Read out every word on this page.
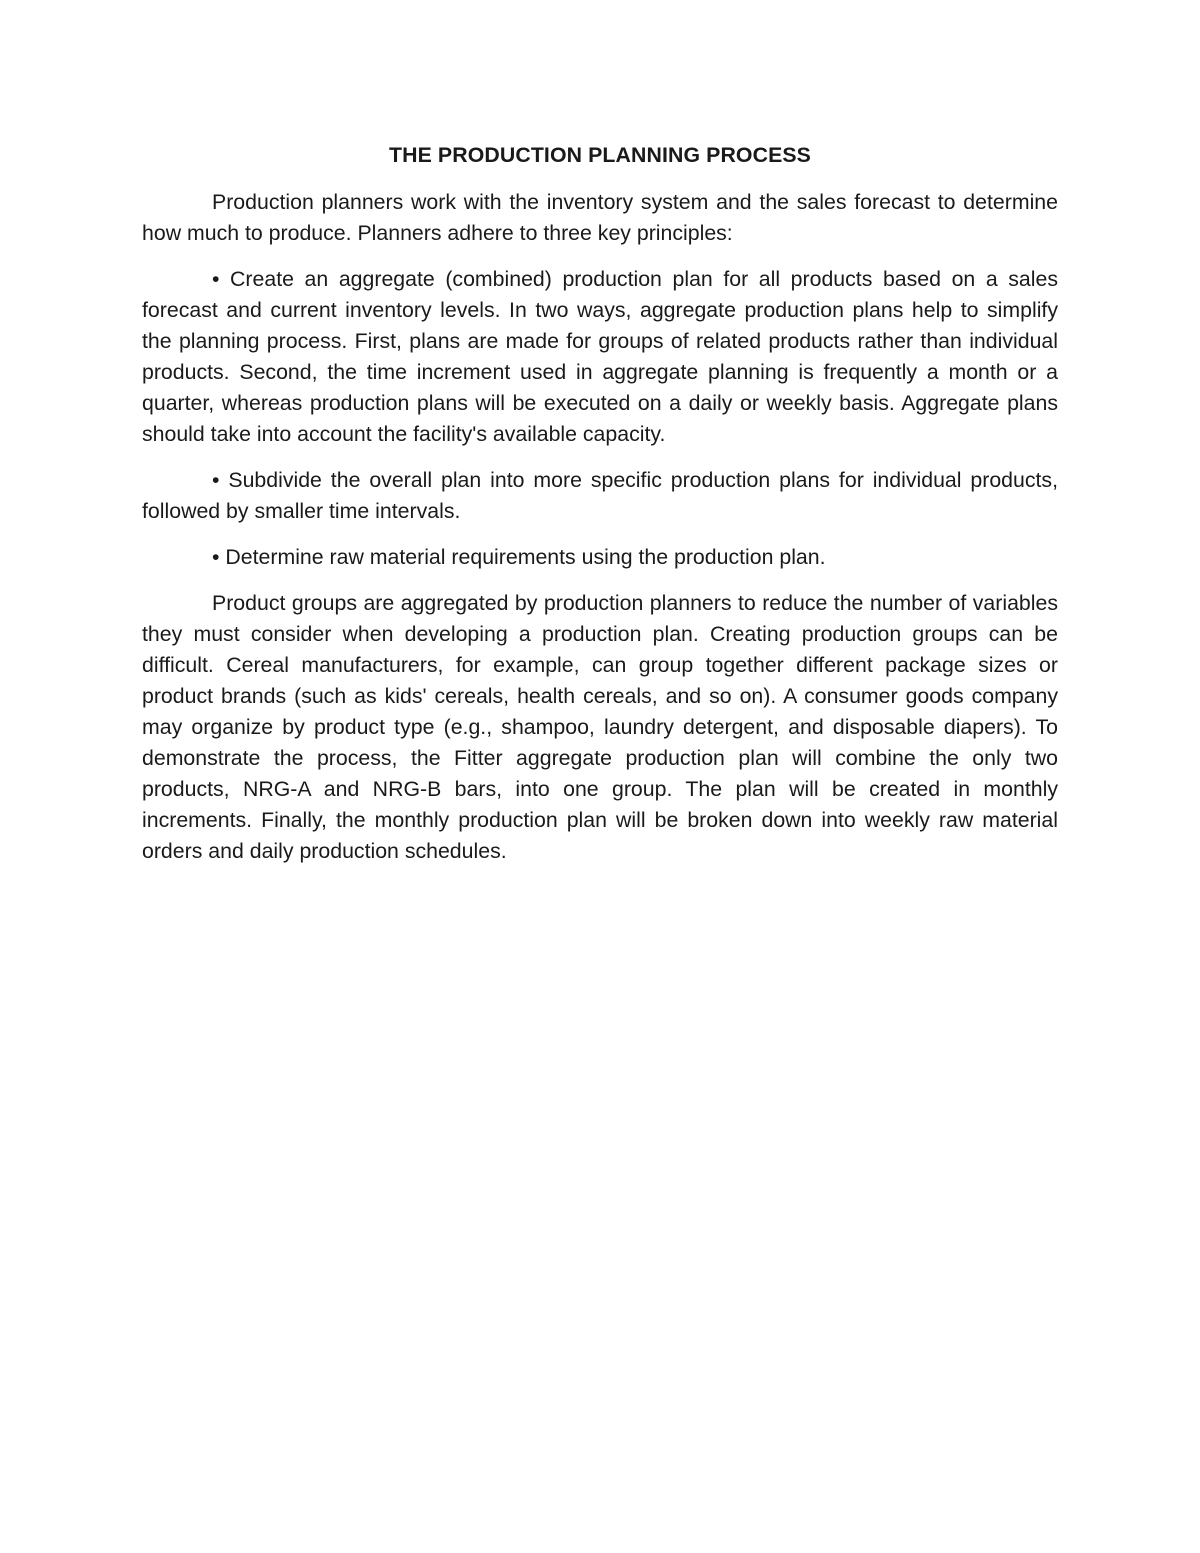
THE PRODUCTION PLANNING PROCESS

Production planners work with the inventory system and the sales forecast to determine how much to produce. Planners adhere to three key principles:

• Create an aggregate (combined) production plan for all products based on a sales forecast and current inventory levels. In two ways, aggregate production plans help to simplify the planning process. First, plans are made for groups of related products rather than individual products. Second, the time increment used in aggregate planning is frequently a month or a quarter, whereas production plans will be executed on a daily or weekly basis. Aggregate plans should take into account the facility's available capacity.

• Subdivide the overall plan into more specific production plans for individual products, followed by smaller time intervals.

• Determine raw material requirements using the production plan.

Product groups are aggregated by production planners to reduce the number of variables they must consider when developing a production plan. Creating production groups can be difficult. Cereal manufacturers, for example, can group together different package sizes or product brands (such as kids' cereals, health cereals, and so on). A consumer goods company may organize by product type (e.g., shampoo, laundry detergent, and disposable diapers). To demonstrate the process, the Fitter aggregate production plan will combine the only two products, NRG-A and NRG-B bars, into one group. The plan will be created in monthly increments. Finally, the monthly production plan will be broken down into weekly raw material orders and daily production schedules.
